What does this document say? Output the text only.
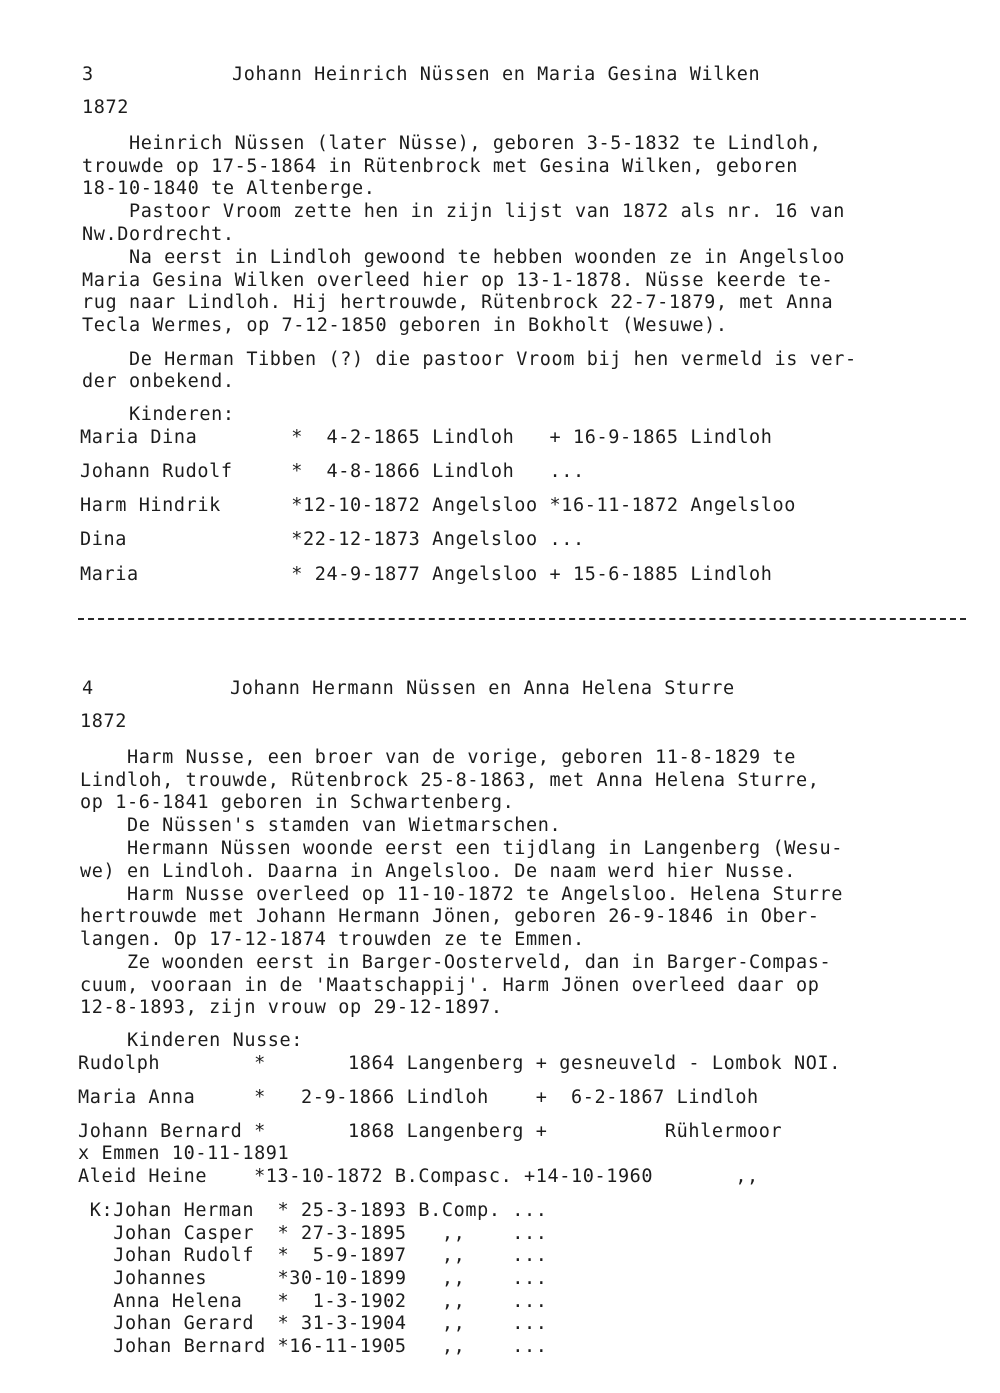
3	Johann Heinrich Nüssen en Maria Gesina Wilken
1872
Heinrich Nüssen (later Nüsse), geboren 3-5-1832 te Lindloh,
trouwde op 17-5-1864 in Rütenbrock met Gesina Wilken, geboren
18-10-1840 te Altenberge.
Pastoor Vroom zette hen in zijn lijst van 1872 als nr. 16 van
Nw.Dordrecht.
Na eerst in Lindloh gewoond te hebben woonden ze in Angelsloo
Maria Gesina Wilken overleed hier op 13-1-1878. Nüsse keerde te-
rug naar Lindloh. Hij hertrouwde, Rütenbrock 22-7-1879, met Anna
Tecla Wermes, op 7-12-1850 geboren in Bokholt (Wesuwe).
De Herman Tibben (?) die pastoor Vroom bij hen vermeld is ver-
der onbekend.
Kinderen:
Maria Dina        *  4-2-1865 Lindloh   + 16-9-1865 Lindloh
Johann Rudolf     *  4-8-1866 Lindloh   ...
Harm Hindrik      *12-10-1872 Angelsloo *16-11-1872 Angelsloo
Dina              *22-12-1873 Angelsloo ...
Maria             * 24-9-1877 Angelsloo + 15-6-1885 Lindloh
4	Johann Hermann Nüssen en Anna Helena Sturre
1872
Harm Nusse, een broer van de vorige, geboren 11-8-1829 te
Lindloh, trouwde, Rütenbrock 25-8-1863, met Anna Helena Sturre,
op 1-6-1841 geboren in Schwartenberg.
De Nüssen's stamden van Wietmarschen.
Hermann Nüssen woonde eerst een tijdlang in Langenberg (Wesu-
we) en Lindloh. Daarna in Angelsloo. De naam werd hier Nusse.
Harm Nusse overleed op 11-10-1872 te Angelsloo. Helena Sturre
hertrouwde met Johann Hermann Jönen, geboren 26-9-1846 in Ober-
langen. Op 17-12-1874 trouwden ze te Emmen.
Ze woonden eerst in Barger-Oosterveld, dan in Barger-Compas-
cuum, vooraan in de 'Maatschappij'. Harm Jönen overleed daar op
12-8-1893, zijn vrouw op 29-12-1897.
Kinderen Nusse:
Rudolph        *       1864 Langenberg + gesneuveld - Lombok NOI.
Maria Anna     *   2-9-1866 Lindloh    +  6-2-1867 Lindloh
Johann Bernard *       1868 Langenberg +          Rühlermoor
x Emmen 10-11-1891
Aleid Heine    *13-10-1872 B.Compasc. +14-10-1960       ,,
K:Johan Herman  * 25-3-1893 B.Comp. ...
Johan Casper  * 27-3-1895   ,,    ...
Johan Rudolf  *  5-9-1897   ,,    ...
Johannes      *30-10-1899   ,,    ...
Anna Helena   *  1-3-1902   ,,    ...
Johan Gerard  * 31-3-1904   ,,    ...
Johan Bernard *16-11-1905   ,,    ...
